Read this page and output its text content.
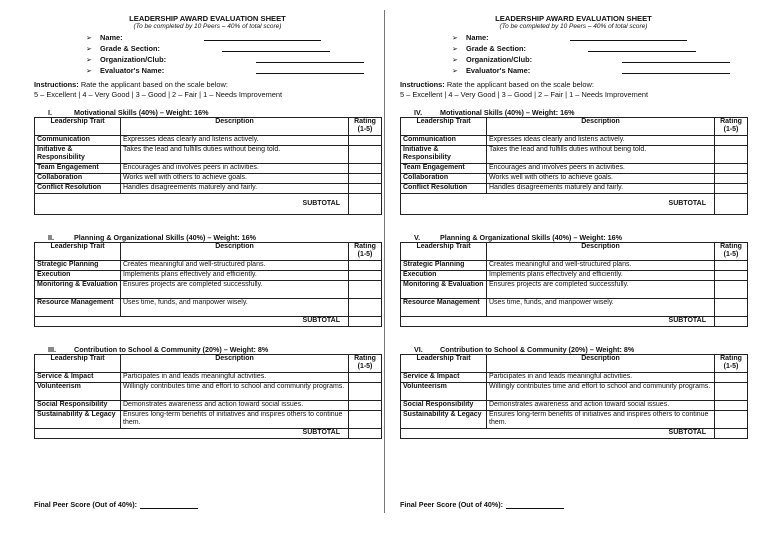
LEADERSHIP AWARD EVALUATION SHEET
(To be completed by 10 Peers – 40% of total score)
➢ Name:
➢ Grade & Section:
➢ Organization/Club:
➢ Evaluator's Name:
Instructions: Rate the applicant based on the scale below:
5 – Excellent | 4 – Very Good | 3 – Good | 2 – Fair | 1 – Needs Improvement
I.	Motivational Skills (40%) – Weight: 16%
Leadership Trait	Description	Rating (1-5)
Communication	Expresses ideas clearly and listens actively.	
Initiative & Responsibility	Takes the lead and fulfills duties without being told.	
Team Engagement	Encourages and involves peers in activities.	
Collaboration	Works well with others to achieve goals.	
Conflict Resolution	Handles disagreements maturely and fairly.	
SUBTOTAL		
II.	Planning & Organizational Skills (40%) – Weight: 16%
Leadership Trait	Description	Rating (1-5)
Strategic Planning	Creates meaningful and well-structured plans.	
Execution	Implements plans effectively and efficiently.	
Monitoring & Evaluation	Ensures projects are completed successfully.	
Resource Management	Uses time, funds, and manpower wisely.	
SUBTOTAL		
III.	Contribution to School & Community (20%) – Weight: 8%
Leadership Trait	Description	Rating (1-5)
Service & Impact	Participates in and leads meaningful activities.	
Volunteerism	Willingly contributes time and effort to school and community programs.	
Social Responsibility	Demonstrates awareness and action toward social issues.	
Sustainability & Legacy	Ensures long-term benefits of initiatives and inspires others to continue them.	
SUBTOTAL		
Final Peer Score (Out of 40%):
LEADERSHIP AWARD EVALUATION SHEET
(To be completed by 10 Peers – 40% of total score)
➢ Name:
➢ Grade & Section:
➢ Organization/Club:
➢ Evaluator's Name:
Instructions: Rate the applicant based on the scale below:
5 – Excellent | 4 – Very Good | 3 – Good | 2 – Fair | 1 – Needs Improvement
IV. Motivational Skills (40%) – Weight: 16%
Leadership Trait	Description	Rating (1-5)
Communication	Expresses ideas clearly and listens actively.	
Initiative & Responsibility	Takes the lead and fulfills duties without being told.	
Team Engagement	Encourages and involves peers in activities.	
Collaboration	Works well with others to achieve goals.	
Conflict Resolution	Handles disagreements maturely and fairly.	
SUBTOTAL		
V.	Planning & Organizational Skills (40%) – Weight: 16%
Leadership Trait	Description	Rating (1-5)
Strategic Planning	Creates meaningful and well-structured plans.	
Execution	Implements plans effectively and efficiently.	
Monitoring & Evaluation	Ensures projects are completed successfully.	
Resource Management	Uses time, funds, and manpower wisely.	
SUBTOTAL		
VI. Contribution to School & Community (20%) – Weight: 8%
Leadership Trait	Description	Rating (1-5)
Service & Impact	Participates in and leads meaningful activities.	
Volunteerism	Willingly contributes time and effort to school and community programs.	
Social Responsibility	Demonstrates awareness and action toward social issues.	
Sustainability & Legacy	Ensures long-term benefits of initiatives and inspires others to continue them.	
SUBTOTAL		
Final Peer Score (Out of 40%):
